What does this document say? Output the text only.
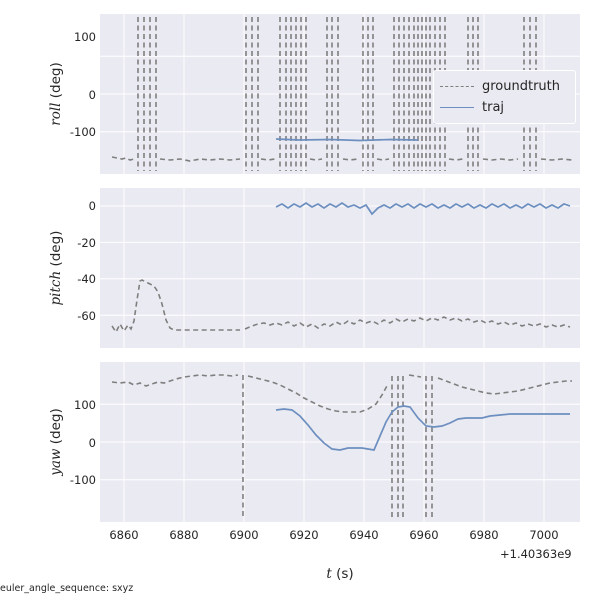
roll (deg)
100
0
-100
groundtruth
traj
pitch (deg)
0
-20
-40
-60
yaw (deg)
100
0
-100
6860	6880	6900	6920	6940	6960	6980	7000
+1.40363e9
t (s)
euler_angle_sequence: sxyz
